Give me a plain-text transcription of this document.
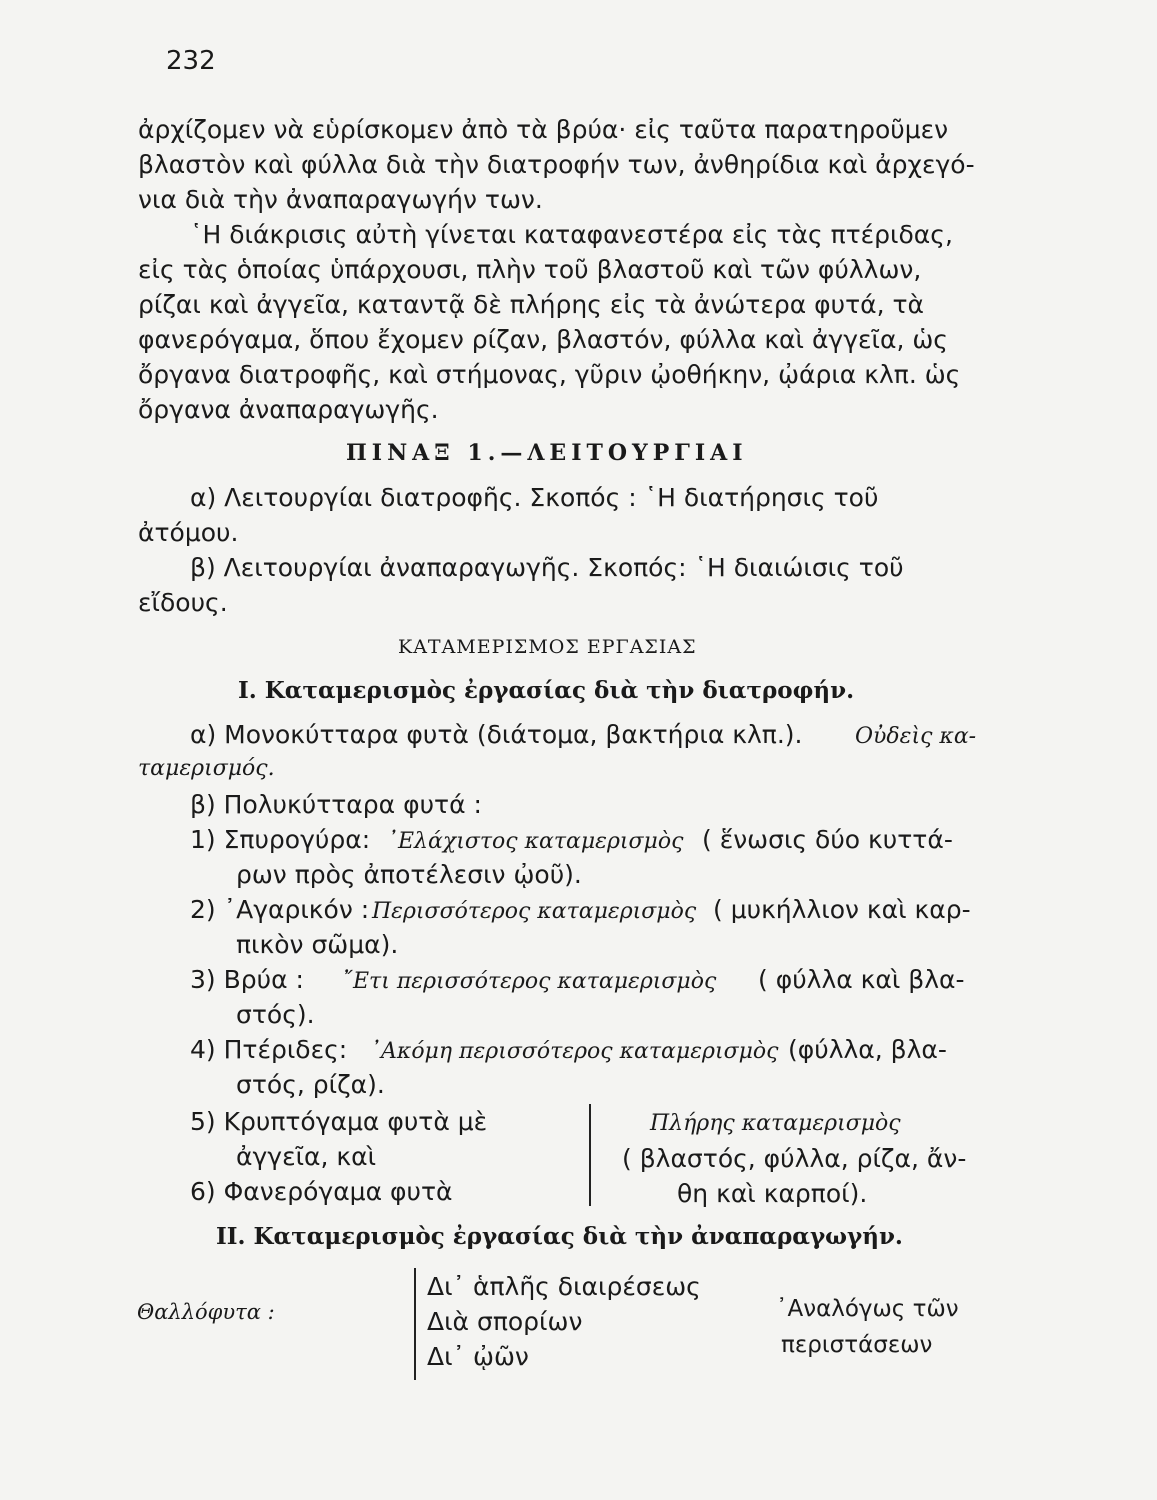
232
ἀρχίζομεν νὰ εὑρίσκομεν ἀπὸ τὰ βρύα· εἰς ταῦτα παρατηροῦμεν
βλαστὸν καὶ φύλλα διὰ τὴν διατροφήν των, ἀνθηρίδια καὶ ἀρχεγό-
νια διὰ τὴν ἀναπαραγωγήν των.
῾Η διάκρισις αὐτὴ γίνεται καταφανεστέρα εἰς τὰς πτέριδας,
εἰς τὰς ὁποίας ὑπάρχουσι, πλὴν τοῦ βλαστοῦ καὶ τῶν φύλλων,
ρίζαι καὶ ἀγγεῖα, καταντᾷ δὲ πλήρης εἰς τὰ ἀνώτερα φυτά, τὰ
φανερόγαμα, ὅπου ἔχομεν ρίζαν, βλαστόν, φύλλα καὶ ἀγγεῖα, ὡς
ὄργανα διατροφῆς, καὶ στήμονας, γῦριν ᾠοθήκην, ᾠάρια κλπ. ὡς
ὄργανα ἀναπαραγωγῆς.
ΠΙΝΑΞ 1.—ΛΕΙΤΟΥΡΓΙΑΙ
α) Λειτουργίαι διατροφῆς. Σκοπός : ῾Η διατήρησις τοῦ
ἀτόμου.
β) Λειτουργίαι ἀναπαραγωγῆς. Σκοπός: ῾Η διαιώισις τοῦ
εἴδους.
ΚΑΤΑΜΕΡΙΣΜΟΣ ΕΡΓΑΣΙΑΣ
I. Καταμερισμὸς ἐργασίας διὰ τὴν διατροφήν.
α) Μονοκύτταρα φυτὰ (διάτομα, βακτήρια κλπ.). Οὐδεὶς κα-
ταμερισμός.
β) Πολυκύτταρα φυτά :
1) Σπυρογύρα: ᾿Ελάχιστος καταμερισμὸς ( ἕνωσις δύο κυττά-
ρων πρὸς ἀποτέλεσιν ᾠοῦ).
2) ᾿Αγαρικόν : Περισσότερος καταμερισμὸς ( μυκήλλιον καὶ καρ-
πικὸν σῶμα).
3) Βρύα : ῎Ετι περισσότερος καταμερισμὸς ( φύλλα καὶ βλα-
στός).
4) Πτέριδες: ᾿Ακόμη περισσότερος καταμερισμὸς (φύλλα, βλα-
στός, ρίζα).
5) Κρυπτόγαμα φυτὰ μὲ
ἀγγεῖα, καὶ
6) Φανερόγαμα φυτὰ
Πλήρης καταμερισμὸς
( βλαστός, φύλλα, ρίζα, ἄν-
θη καὶ καρποί).
II. Καταμερισμὸς ἐργασίας διὰ τὴν ἀναπαραγωγήν.
Θαλλόφυτα :
Δι᾿ ἁπλῆς διαιρέσεως
Διὰ σπορίων
Δι᾿ ᾠῶν
᾿Αναλόγως τῶν
περιστάσεων
